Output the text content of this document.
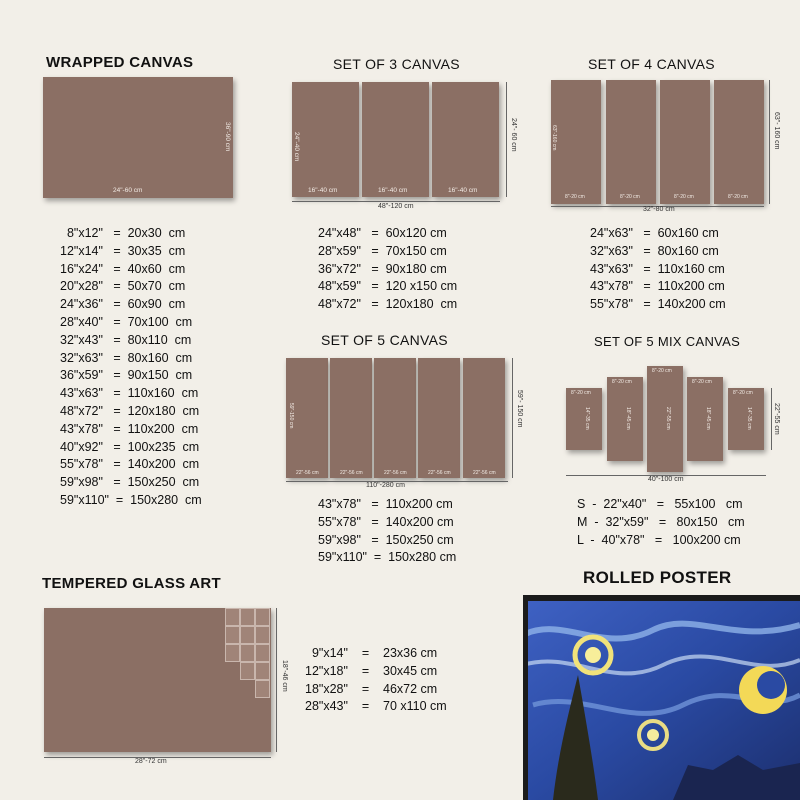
WRAPPED CANVAS
24"-60 cm
36"-90 cm
8"x12"   =  20x30  cm
12"x14"   =  30x35  cm
16"x24"   =  40x60  cm
20"x28"   =  50x70  cm
24"x36"   =  60x90  cm
28"x40"   =  70x100  cm
32"x43"   =  80x110  cm
32"x63"   =  80x160  cm
36"x59"   =  90x150  cm
43"x63"   =  110x160  cm
48"x72"   =  120x180  cm
43"x78"   =  110x200  cm
40"x92"   =  100x235  cm
55"x78"   =  140x200  cm
59"x98"   =  150x250  cm
59"x110"  =  150x280  cm
SET OF 3 CANVAS
16"-40 cm
24"-40 cm
16"-40 cm	16"-40 cm
48"-120 cm
24"- 60 cm
24"x48"   =  60x120 cm
28"x59"   =  70x150 cm
36"x72"   =  90x180 cm
48"x59"   =  120 x150 cm
48"x72"   =  120x180  cm
SET OF 4 CANVAS
8"-20 cm
63"-160 cm
8"-20 cm	8"-20 cm	8"-20 cm
32"-80 cm
63"- 160 cm
24"x63"   =  60x160 cm
32"x63"   =  80x160 cm
43"x63"   =  110x160 cm
43"x78"   =  110x200 cm
55"x78"   =  140x200 cm
SET OF 5 CANVAS
22"-56 cm
59"-150 cm
22"-56 cm	22"-56 cm	22"-56 cm	22"-56 cm
110"-280 cm
59"- 150 cm
43"x78"   =  110x200 cm
55"x78"   =  140x200 cm
59"x98"   =  150x250 cm
59"x110"  =  150x280 cm
SET OF 5 MIX CANVAS
8"-20 cm
14"-35 cm
8"-20 cm
18"-45 cm
8"-20 cm
22"-55 cm
8"-20 cm
18"-45 cm
8"-20 cm
14"-35 cm
40"-100 cm
22"-55 cm
S  -  22"x40"   =   55x100   cm
M  -  32"x59"   =   80x150   cm
L  -  40"x78"   =   100x200 cm
TEMPERED GLASS ART
28"-72 cm
18"-46 cm
9"x14"    =    23x36 cm
12"x18"    =    30x45 cm
18"x28"    =    46x72 cm
28"x43"    =    70 x110 cm
ROLLED POSTER
